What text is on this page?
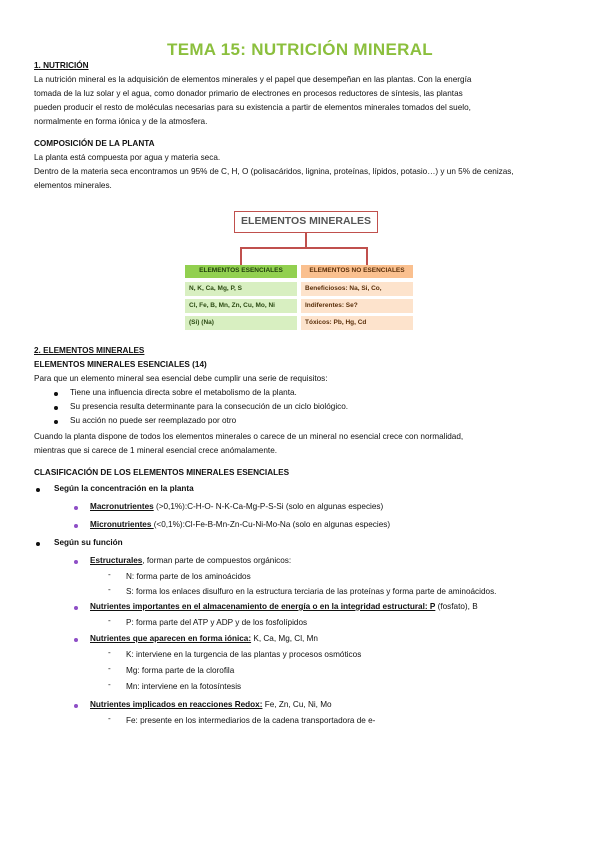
TEMA 15: NUTRICIÓN MINERAL
1. NUTRICIÓN
La nutrición mineral es la adquisición de elementos minerales y el papel que desempeñan en las plantas. Con la energía
tomada de la luz solar y el agua, como donador primario de electrones en procesos reductores de síntesis, las plantas
pueden producir el resto de moléculas necesarias para su existencia a partir de elementos minerales tomados del suelo,
normalmente en forma iónica y de la atmosfera.
COMPOSICIÓN DE LA PLANTA
La planta está compuesta por agua y materia seca.
Dentro de la materia seca encontramos un 95% de C, H, O (polisacáridos, lignina, proteínas, lípidos, potasio…) y un 5% de cenizas,
elementos minerales.
ELEMENTOS MINERALES
ELEMENTOS ESENCIALES	ELEMENTOS NO ESENCIALES
N, K, Ca, Mg, P, S
Cl, Fe, B, Mn, Zn, Cu, Mo, Ni
(Si) (Na)
Beneficiosos: Na, Si, Co,
Indiferentes: Se?
Tóxicos: Pb, Hg, Cd
2. ELEMENTOS MINERALES
ELEMENTOS MINERALES ESENCIALES (14)
Para que un elemento mineral sea esencial debe cumplir una serie de requisitos:
Tiene una influencia directa sobre el metabolismo de la planta.
Su presencia resulta determinante para la consecución de un ciclo biológico.
Su acción no puede ser reemplazado por otro
Cuando la planta dispone de todos los elementos minerales o carece de un mineral no esencial crece con normalidad,
mientras que si carece de 1 mineral esencial crece anómalamente.
CLASIFICACIÓN DE LOS ELEMENTOS MINERALES ESENCIALES
Según la concentración en la planta
Macronutrientes (>0,1%):C-H-O- N-K-Ca-Mg-P-S-Si (solo en algunas especies)
Micronutrientes (<0,1%):Cl-Fe-B-Mn-Zn-Cu-Ni-Mo-Na (solo en algunas especies)
Según su función
Estructurales, forman parte de compuestos orgánicos:
- N: forma parte de los aminoácidos
- S: forma los enlaces disulfuro en la estructura terciaria de las proteínas y forma parte de aminoácidos.
Nutrientes importantes en el almacenamiento de energía o en la integridad estructural: P (fosfato), B
- P: forma parte del ATP y ADP y de los fosfolípidos
Nutrientes que aparecen en forma iónica: K, Ca, Mg, Cl, Mn
- K: interviene en la turgencia de las plantas y procesos osmóticos
- Mg: forma parte de la clorofila
- Mn: interviene en la fotosíntesis
Nutrientes implicados en reacciones Redox: Fe, Zn, Cu, Ni, Mo
- Fe: presente en los intermediarios de la cadena transportadora de e-
